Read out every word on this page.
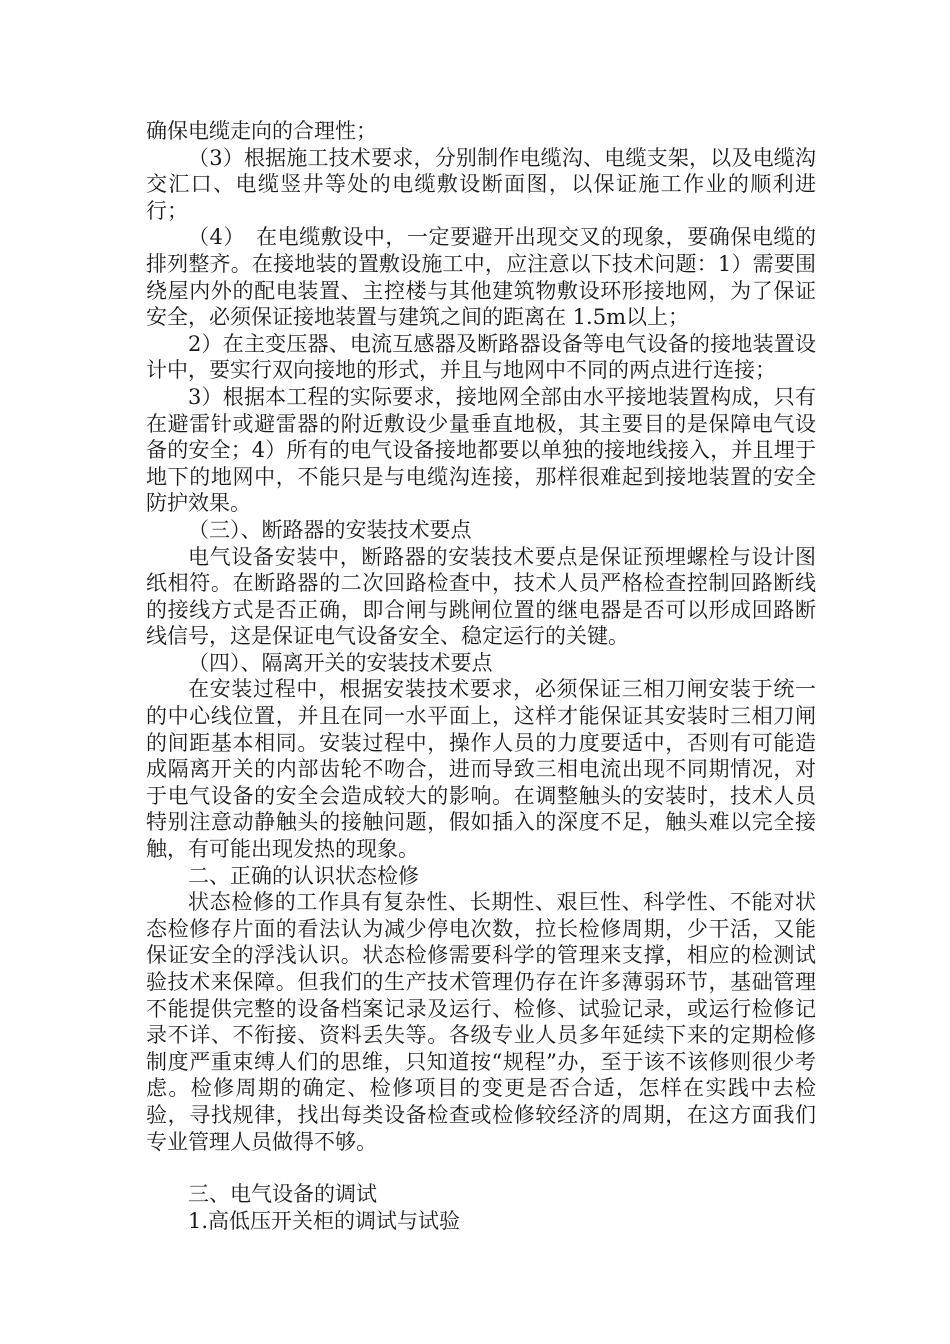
确保电缆走向的合理性；

（3）根据施工技术要求，分别制作电缆沟、电缆支架，以及电缆沟交汇口、电缆竖井等处的电缆敷设断面图，以保证施工作业的顺利进行；

（4）　在电缆敷设中，一定要避开出现交叉的现象，要确保电缆的排列整齐。在接地装的置敷设施工中，应注意以下技术问题：1）需要围绕屋内外的配电装置、主控楼与其他建筑物敷设环形接地网，为了保证安全，必须保证接地装置与建筑之间的距离在 1.5m以上；

2）在主变压器、电流互感器及断路器设备等电气设备的接地装置设计中，要实行双向接地的形式，并且与地网中不同的两点进行连接；

3）根据本工程的实际要求，接地网全部由水平接地装置构成，只有在避雷针或避雷器的附近敷设少量垂直地极，其主要目的是保障电气设备的安全；4）所有的电气设备接地都要以单独的接地线接入，并且埋于地下的地网中，不能只是与电缆沟连接，那样很难起到接地装置的安全防护效果。

（三）、断路器的安装技术要点

电气设备安装中，断路器的安装技术要点是保证预埋螺栓与设计图纸相符。在断路器的二次回路检查中，技术人员严格检查控制回路断线的接线方式是否正确，即合闸与跳闸位置的继电器是否可以形成回路断线信号，这是保证电气设备安全、稳定运行的关键。

（四）、隔离开关的安装技术要点

在安装过程中，根据安装技术要求，必须保证三相刀闸安装于统一的中心线位置，并且在同一水平面上，这样才能保证其安装时三相刀闸的间距基本相同。安装过程中，操作人员的力度要适中，否则有可能造成隔离开关的内部齿轮不吻合，进而导致三相电流出现不同期情况，对于电气设备的安全会造成较大的影响。在调整触头的安装时，技术人员特别注意动静触头的接触问题，假如插入的深度不足，触头难以完全接触，有可能出现发热的现象。

二、正确的认识状态检修

状态检修的工作具有复杂性、长期性、艰巨性、科学性、不能对状态检修存片面的看法认为减少停电次数，拉长检修周期，少干活，又能保证安全的浮浅认识。状态检修需要科学的管理来支撑，相应的检测试验技术来保障。但我们的生产技术管理仍存在许多薄弱环节，基础管理不能提供完整的设备档案记录及运行、检修、试验记录，或运行检修记录不详、不衔接、资料丢失等。各级专业人员多年延续下来的定期检修制度严重束缚人们的思维，只知道按“规程”办，至于该不该修则很少考虑。检修周期的确定、检修项目的变更是否合适，怎样在实践中去检验，寻找规律，找出每类设备检查或检修较经济的周期，在这方面我们专业管理人员做得不够。

三、电气设备的调试

1.高低压开关柜的调试与试验
